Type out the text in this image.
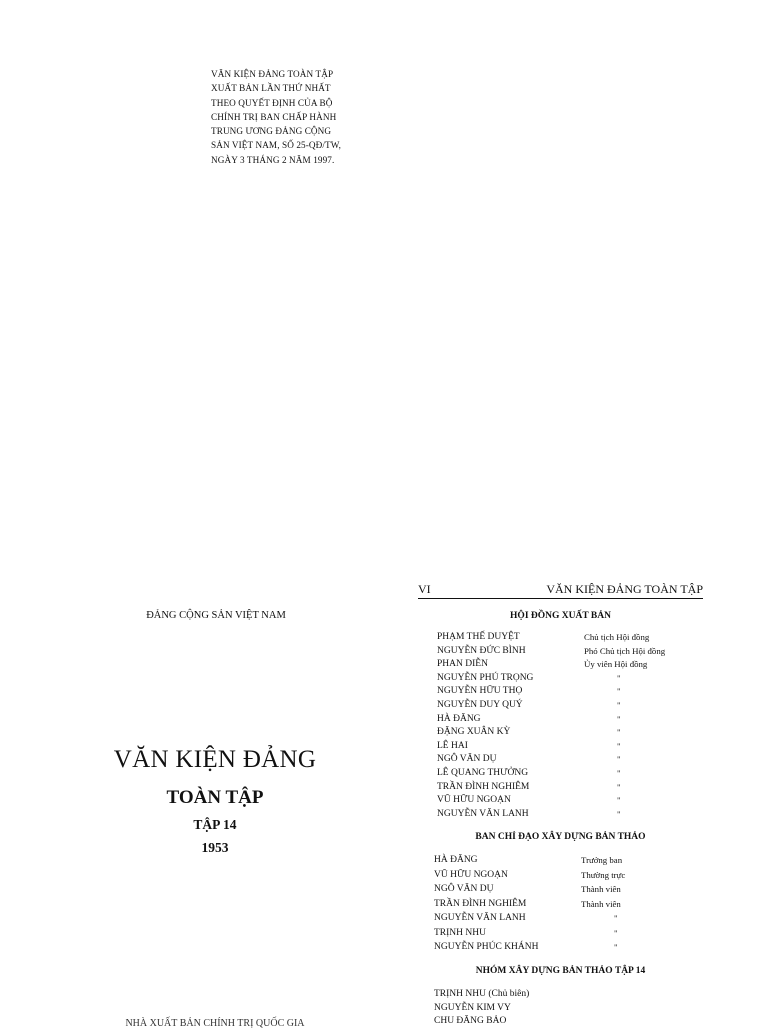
VĂN KIỆN ĐẢNG TOÀN TẬP
XUẤT BẢN LẦN THỨ NHẤT
THEO QUYẾT ĐỊNH CỦA BỘ
CHÍNH TRỊ BAN CHẤP HÀNH
TRUNG ƯƠNG ĐẢNG CỘNG
SẢN VIỆT NAM, SỐ 25-QĐ/TW,
NGÀY 3 THÁNG 2 NĂM 1997.
ĐẢNG CỘNG SẢN VIỆT NAM
VĂN KIỆN ĐẢNG
TOÀN TẬP
TẬP 14
1953
NHÀ XUẤT BẢN CHÍNH TRỊ QUỐC GIA
VI	VĂN KIỆN ĐẢNG TOÀN TẬP
HỘI ĐỒNG XUẤT BẢN
PHẠM THẾ DUYỆT	Chủ tịch Hội đồng
NGUYỄN ĐỨC BÌNH	Phó Chủ tịch Hội đồng
PHAN DIỄN	Ủy viên Hội đồng
NGUYỄN PHÚ TRỌNG	"
NGUYỄN HỮU THỌ	"
NGUYỄN DUY QUÝ	"
HÀ ĐĂNG	"
ĐẶNG XUÂN KỲ	"
LÊ HAI	"
NGÔ VĂN DỤ	"
LÊ QUANG THƯỞNG	"
TRẦN ĐÌNH NGHIÊM	"
VŨ HỮU NGOẠN	"
NGUYỄN VĂN LANH	"
BAN CHỈ ĐẠO XÂY DỰNG BẢN THẢO
HÀ ĐĂNG	Trưởng ban
VŨ HỮU NGOẠN	Thường trực
NGÔ VĂN DỤ	Thành viên
TRẦN ĐÌNH NGHIÊM	Thành viên
NGUYỄN VĂN LANH	"
TRỊNH NHU	"
NGUYỄN PHÚC KHÁNH	"
NHÓM XÂY DỰNG BẢN THẢO TẬP 14
TRỊNH NHU (Chủ biên)
NGUYỄN KIM VY
CHU ĐĂNG BẢO
